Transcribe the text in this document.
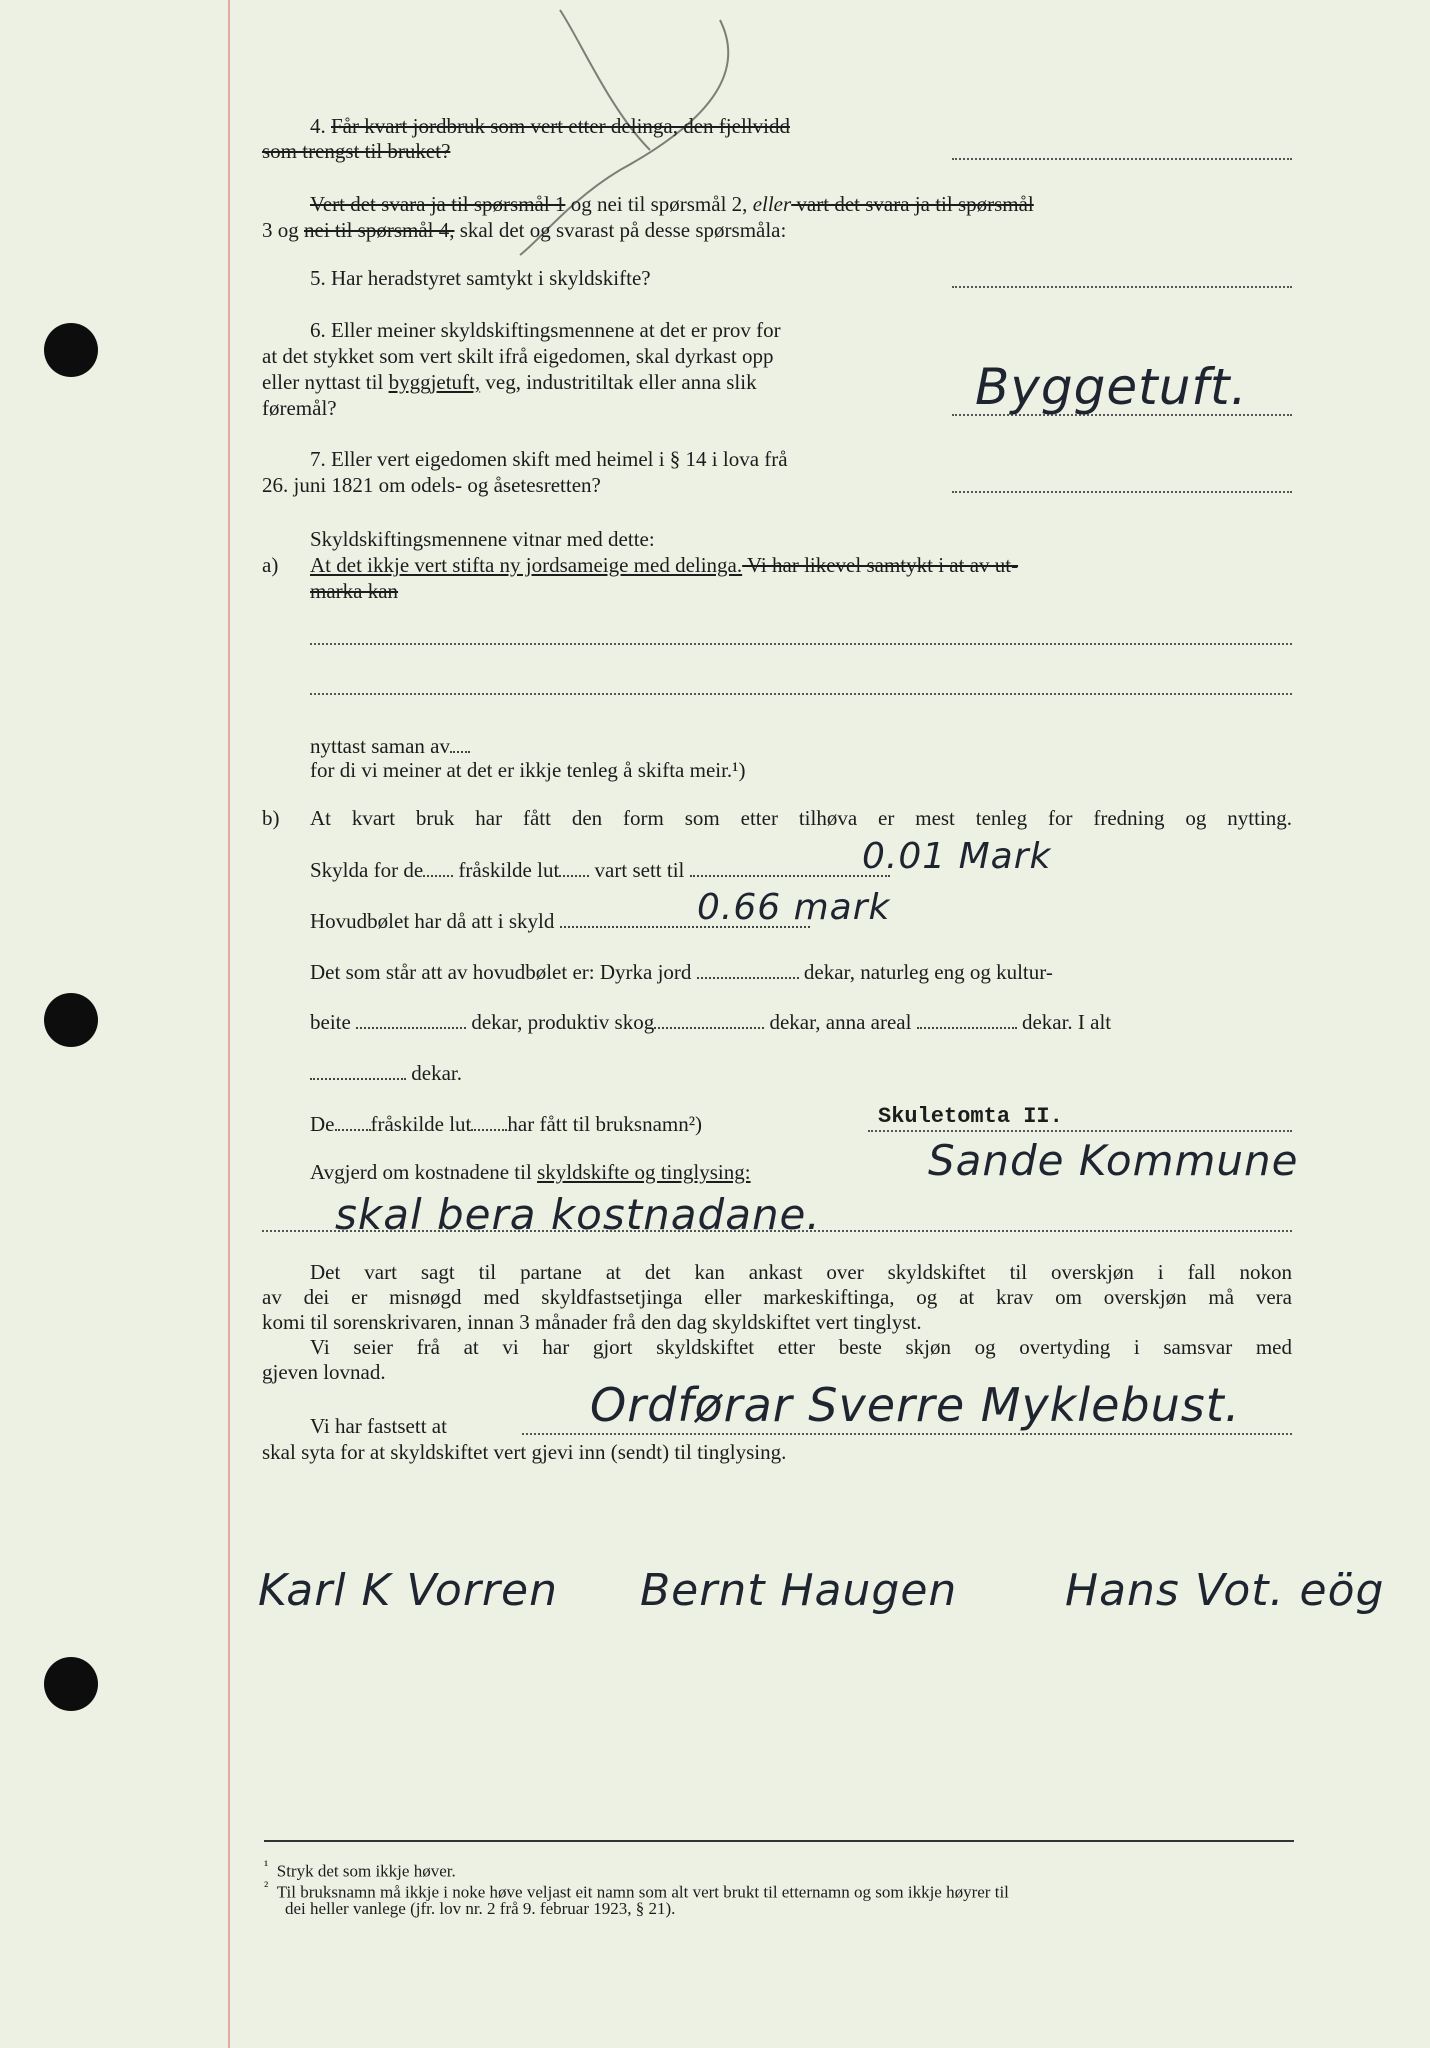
4. Får kvart jordbruk som vert etter delinga, den fjellvidd
som trengst til bruket?
Vert det svara ja til spørsmål 1 og nei til spørsmål 2, eller vart det svara ja til spørsmål
3 og nei til spørsmål 4, skal det og svarast på desse spørsmåla:
5. Har heradstyret samtykt i skyldskifte?
6. Eller meiner skyldskiftingsmennene at det er prov for
at det stykket som vert skilt ifrå eigedomen, skal dyrkast opp
eller nyttast til byggjetuft, veg, industritiltak eller anna slik
føremål?	Byggetuft.
7. Eller vert eigedomen skift med heimel i § 14 i lova frå
26. juni 1821 om odels- og åsetesretten?
Skyldskiftingsmennene vitnar med dette:
a) At det ikkje vert stifta ny jordsameige med delinga. Vi har likevel samtykt i at av ut-
marka kan
nyttast saman av
for di vi meiner at det er ikkje tenleg å skifta meir.¹)
b) At kvart bruk har fått den form som etter tilhøva er mest tenleg for fredning og nytting.
Skylda for de fråskilde lut vart sett til	0.01 Mark
Hovudbølet har då att i skyld	0.66 mark
Det som står att av hovudbølet er: Dyrka jord	dekar, naturleg eng og kultur-
beite	dekar, produktiv skog	dekar, anna areal	dekar. I alt
dekar.
De fråskilde lut har fått til bruksnamn²)	Skuletomta II.
Avgjerd om kostnadene til skyldskifte og tinglysing:	Sande Kommune
skal bera kostnadane.
Det vart sagt til partane at det kan ankast over skyldskiftet til overskjøn i fall nokon
av dei er misnøgd med skyldfastsetjinga eller markeskiftinga, og at krav om overskjøn må vera
komi til sorenskrivaren, innan 3 månader frå den dag skyldskiftet vert tinglyst.
Vi seier frå at vi har gjort skyldskiftet etter beste skjøn og overtyding i samsvar med
gjeven lovnad.
Vi har fastsett at	Ordførar Sverre Myklebust.
skal syta for at skyldskiftet vert gjevi inn (sendt) til tinglysing.
Karl K Vorren Bernt Haugen Hans Vot. eög
$^{^1}$ Stryk det som ikkje høver.
$^{^2}$ Til bruksnamn må ikkje i noke høve veljast eit namn som alt vert brukt til etternamn og som ikkje høyrer til
dei heller vanlege (jfr. lov nr. 2 frå 9. februar 1923, § 21).
